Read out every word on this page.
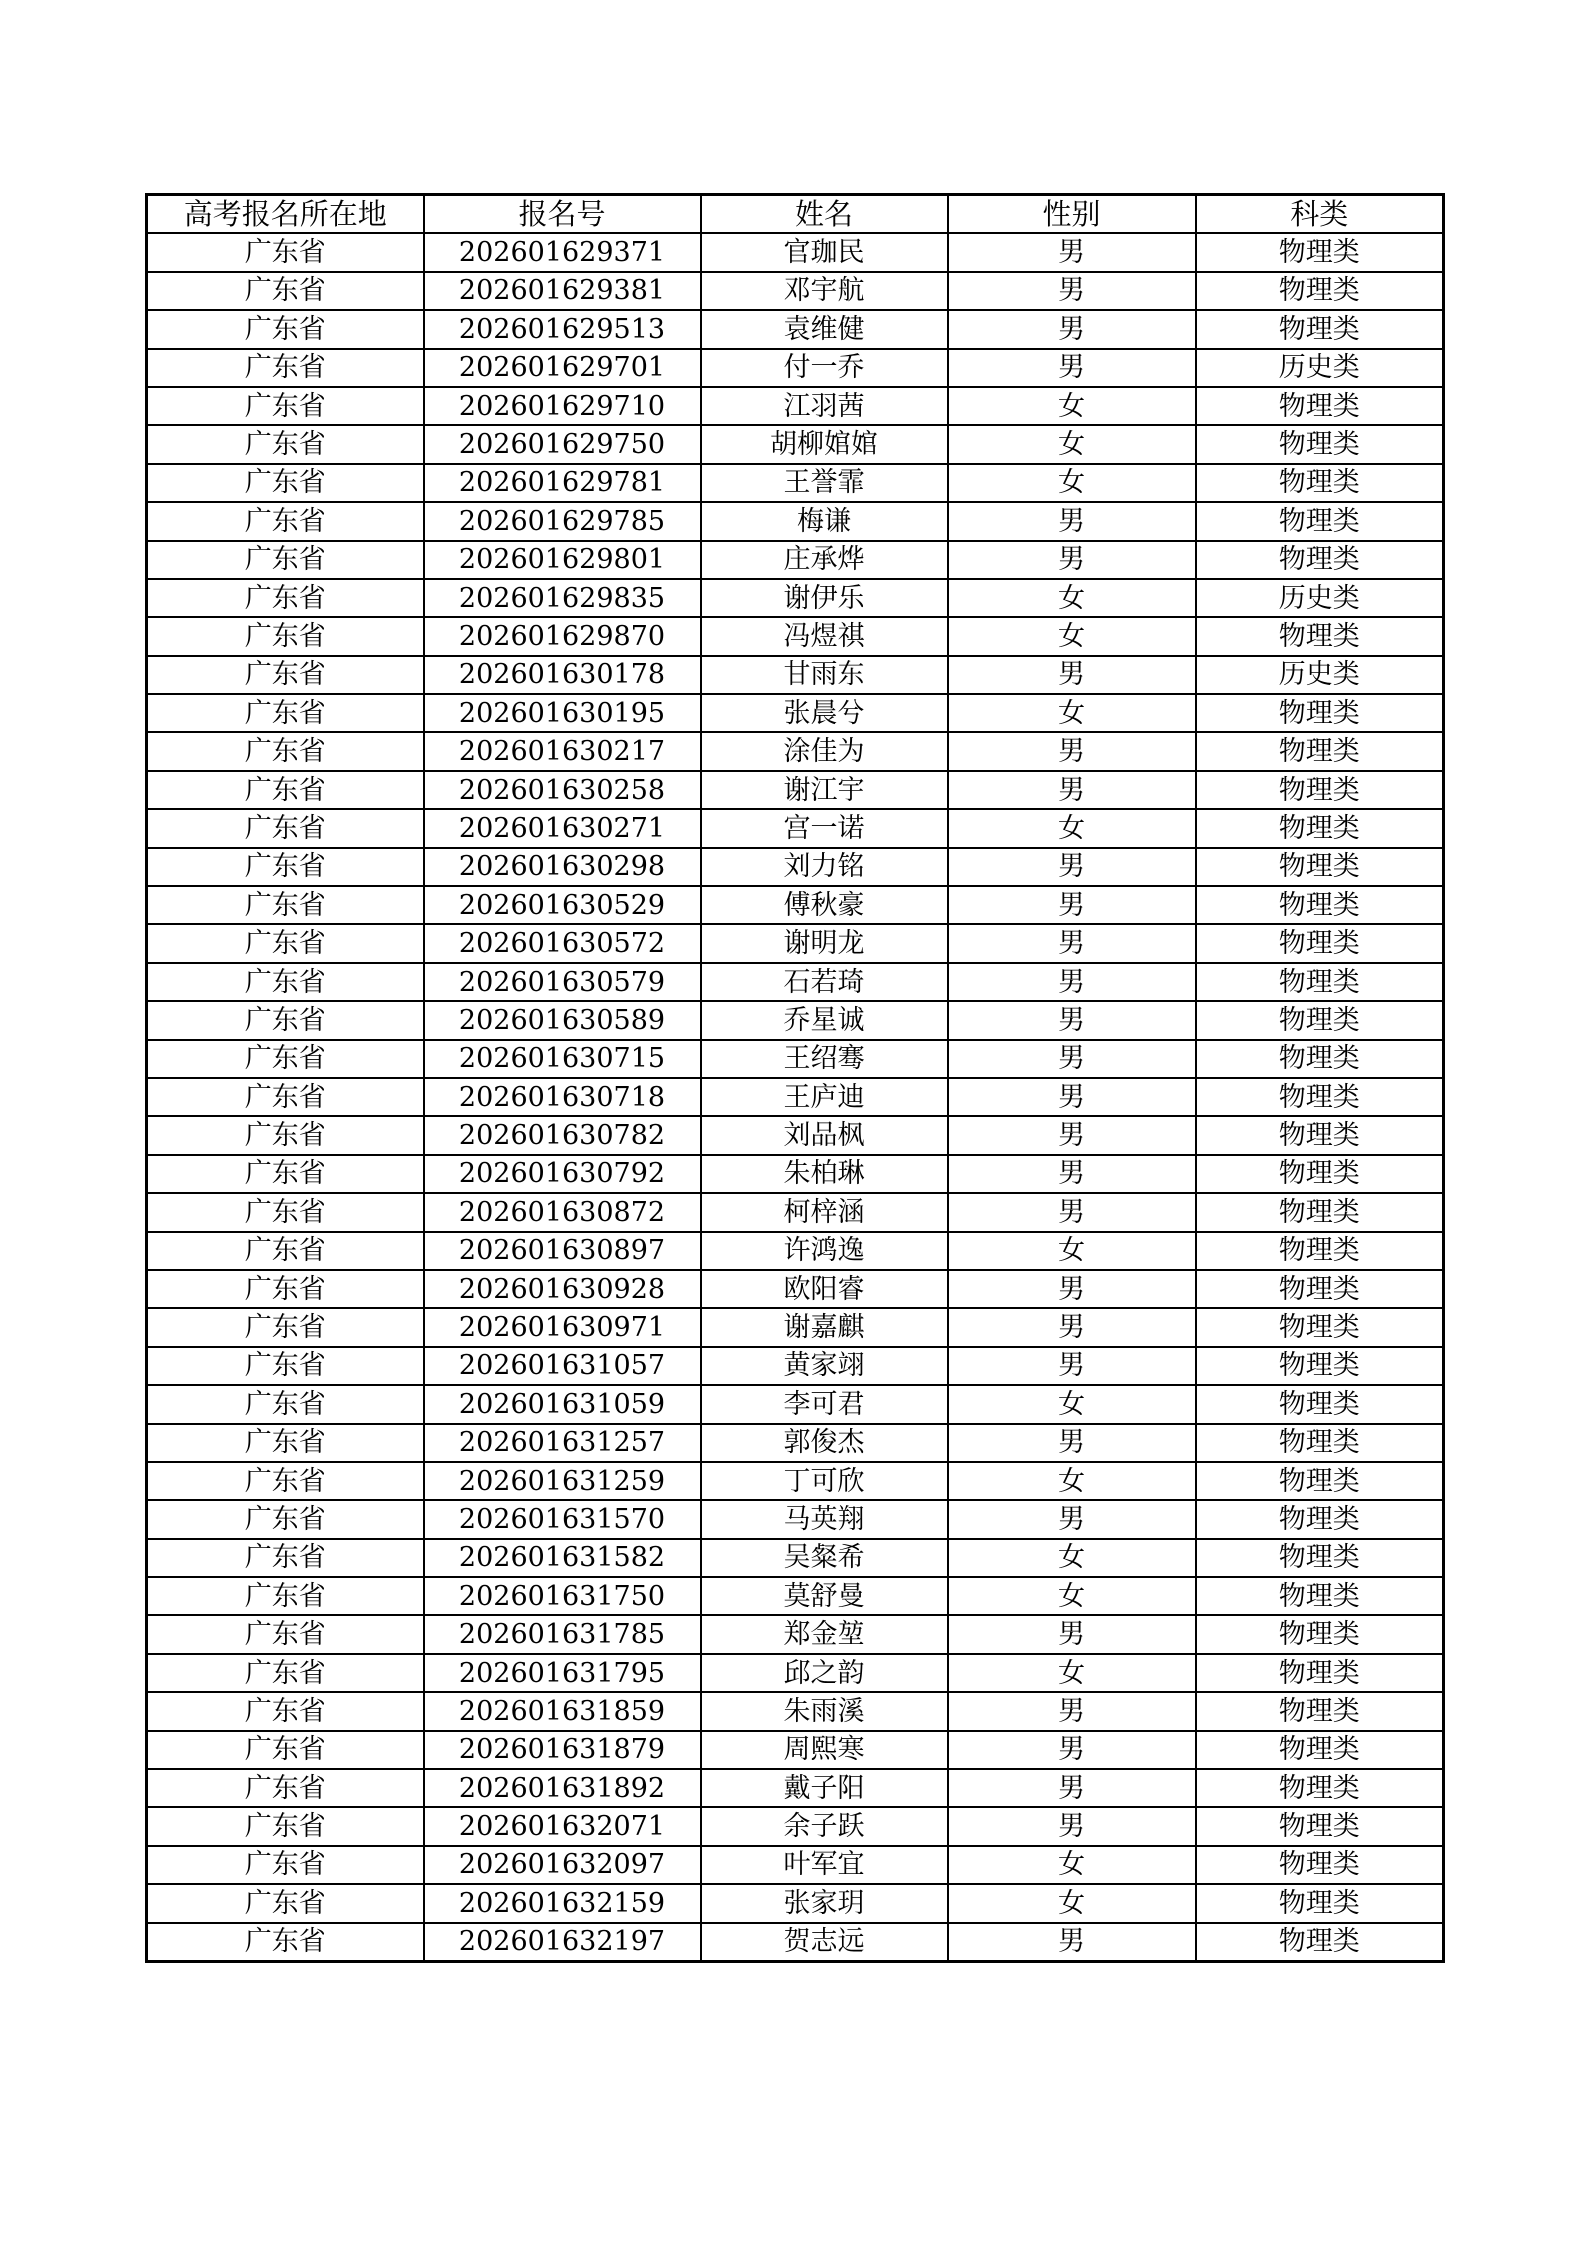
高考报名所在地	报名号	姓名	性别	科类
广东省	202601629371	官珈民	男	物理类
广东省	202601629381	邓宇航	男	物理类
广东省	202601629513	袁维健	男	物理类
广东省	202601629701	付一乔	男	历史类
广东省	202601629710	江羽茜	女	物理类
广东省	202601629750	胡柳婠婠	女	物理类
广东省	202601629781	王誉霏	女	物理类
广东省	202601629785	梅谦	男	物理类
广东省	202601629801	庄承烨	男	物理类
广东省	202601629835	谢伊乐	女	历史类
广东省	202601629870	冯煜祺	女	物理类
广东省	202601630178	甘雨东	男	历史类
广东省	202601630195	张晨兮	女	物理类
广东省	202601630217	涂佳为	男	物理类
广东省	202601630258	谢江宇	男	物理类
广东省	202601630271	宫一诺	女	物理类
广东省	202601630298	刘力铭	男	物理类
广东省	202601630529	傅秋豪	男	物理类
广东省	202601630572	谢明龙	男	物理类
广东省	202601630579	石若琦	男	物理类
广东省	202601630589	乔星诚	男	物理类
广东省	202601630715	王绍骞	男	物理类
广东省	202601630718	王庐迪	男	物理类
广东省	202601630782	刘品枫	男	物理类
广东省	202601630792	朱柏琳	男	物理类
广东省	202601630872	柯梓涵	男	物理类
广东省	202601630897	许鸿逸	女	物理类
广东省	202601630928	欧阳睿	男	物理类
广东省	202601630971	谢嘉麒	男	物理类
广东省	202601631057	黄家翊	男	物理类
广东省	202601631059	李可君	女	物理类
广东省	202601631257	郭俊杰	男	物理类
广东省	202601631259	丁可欣	女	物理类
广东省	202601631570	马英翔	男	物理类
广东省	202601631582	吴粲希	女	物理类
广东省	202601631750	莫舒曼	女	物理类
广东省	202601631785	郑金堃	男	物理类
广东省	202601631795	邱之韵	女	物理类
广东省	202601631859	朱雨溪	男	物理类
广东省	202601631879	周熙寒	男	物理类
广东省	202601631892	戴子阳	男	物理类
广东省	202601632071	余子跃	男	物理类
广东省	202601632097	叶军宜	女	物理类
广东省	202601632159	张家玥	女	物理类
广东省	202601632197	贺志远	男	物理类
